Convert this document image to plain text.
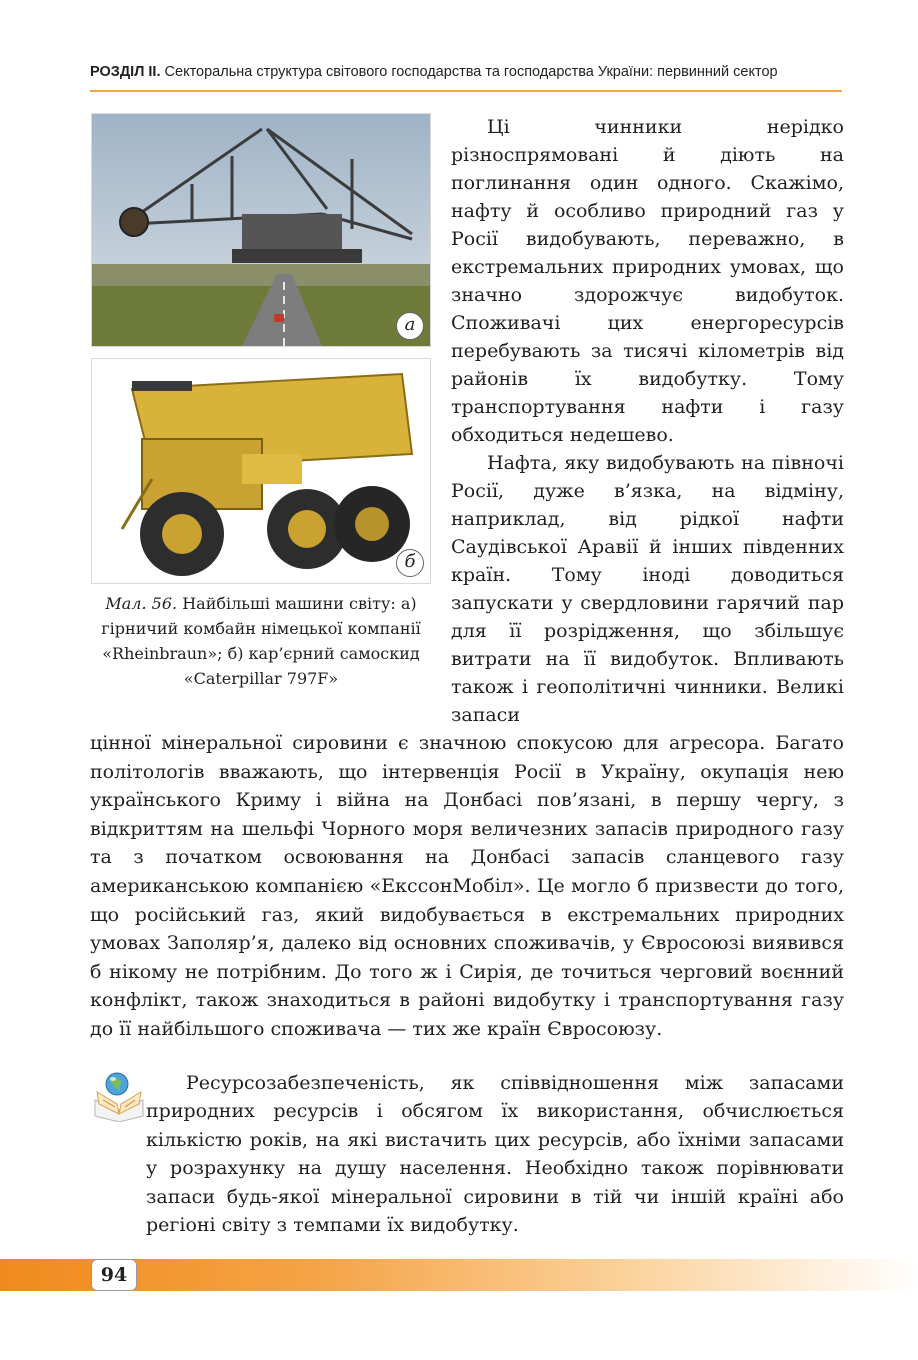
РОЗДІЛ ІІ. Секторальна структура світового господарства та господарства України: первинний сектор
а
б
Мал. 56. Найбільші машини світу: а) гірничий комбайн німецької компанії «Rheinbraun»; б) кар’єрний самоскид «Caterpillar 797F»

Ці чинники нерідко різноспрямовані й діють на поглинання один одного. Скажімо, нафту й особливо природний газ у Росії видобувають, переважно, в екстремальних природних умовах, що значно здорожчує видобуток. Споживачі цих енергоресурсів перебувають за тисячі кілометрів від районів їх видобутку. Тому транспортування нафти і газу обходиться недешево.

Нафта, яку видобувають на півночі Росії, дуже в’язка, на відміну, наприклад, від рідкої нафти Саудівської Аравії й інших південних країн. Тому іноді доводиться запускати у свердловини гарячий пар для її розрідження, що збільшує витрати на її видобуток. Впливають також і геополітичні чинники. Великі запаси

цінної мінеральної сировини є значною спокусою для агресора. Багато політологів вважають, що інтервенція Росії в Україну, окупація нею українського Криму і війна на Донбасі пов’язані, в першу чергу, з відкриттям на шельфі Чорного моря величезних запасів природного газу та з початком освоювання на Донбасі запасів сланцевого газу американською компанією «ЕкссонМобіл». Це могло б призвести до того, що російський газ, який видобувається в екстремальних природних умовах Заполяр’я, далеко від основних споживачів, у Євросоюзі виявився б нікому не потрібним. До того ж і Сирія, де точиться черговий воєнний конфлікт, також знаходиться в районі видобутку і транспортування газу до її найбільшого споживача — тих же країн Євросоюзу.

Ресурсозабезпеченість, як співвідношення між запасами природних ресурсів і обсягом їх використання, обчислюється кількістю років, на які вистачить цих ресурсів, або їхніми запасами у розрахунку на душу населення. Необхідно також порівнювати запаси будь-якої мінеральної сировини в тій чи іншій країні або регіоні світу з темпами їх видобутку.

94
